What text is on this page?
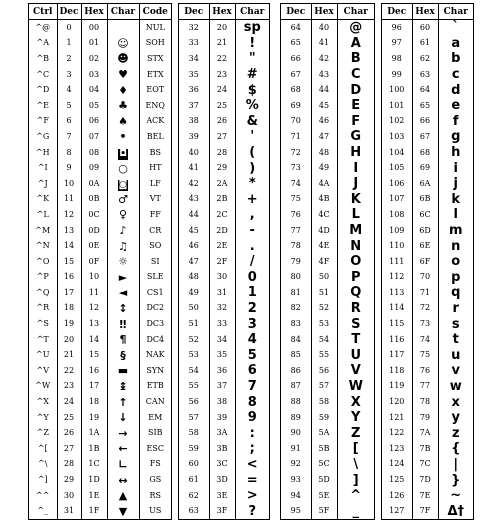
Ctrl	Dec	Hex	Char	Code
^@	0	00		NUL
^A	1	01	☺	SOH
^B	2	02	☻	STX
^C	3	03	♥	ETX
^D	4	04	♦	EOT
^E	5	05	♣	ENQ
^F	6	06	♠	ACK
^G	7	07	•	BEL
^H	8	08	◘	BS
^I	9	09	○	HT
^J	10	0A	◙	LF
^K	11	0B	♂	VT
^L	12	0C	♀	FF
^M	13	0D	♪	CR
^N	14	0E	♫	SO
^O	15	0F	☼	SI
^P	16	10	►	SLE
^Q	17	11	◄	CS1
^R	18	12	↕	DC2
^S	19	13	‼	DC3
^T	20	14	¶	DC4
^U	21	15	§	NAK
^V	22	16	▬	SYN
^W	23	17	↨	ETB
^X	24	18	↑	CAN
^Y	25	19	↓	EM
^Z	26	1A	→	SIB
^[	27	1B	←	ESC
^\	28	1C	∟	FS
^]	29	1D	↔	GS
^^	30	1E	▲	RS
^_	31	1F	▼	US
Dec	Hex	Char
32	20	sp
33	21	!
34	22	"
35	23	#
36	24	$
37	25	%
38	26	&
39	27	'
40	28	(
41	29	)
42	2A	*
43	2B	+
44	2C	,
45	2D	-
46	2E	.
47	2F	/
48	30	0
49	31	1
50	32	2
51	33	3
52	34	4
53	35	5
54	36	6
55	37	7
56	38	8
57	39	9
58	3A	:
59	3B	;
60	3C	<
61	3D	=
62	3E	>
63	3F	?
Dec	Hex	Char
64	40	@
65	41	A
66	42	B
67	43	C
68	44	D
69	45	E
70	46	F
71	47	G
72	48	H
73	49	I
74	4A	J
75	4B	K
76	4C	L
77	4D	M
78	4E	N
79	4F	O
80	50	P
81	51	Q
82	52	R
83	53	S
84	54	T
85	55	U
86	56	V
87	57	W
88	58	X
89	59	Y
90	5A	Z
91	5B	[
92	5C	\
93	5D	]
94	5E	^
95	5F	_
Dec	Hex	Char
96	60	`
97	61	a
98	62	b
99	63	c
100	64	d
101	65	e
102	66	f
103	67	g
104	68	h
105	69	i
106	6A	j
107	6B	k
108	6C	l
109	6D	m
110	6E	n
111	6F	o
112	70	p
113	71	q
114	72	r
115	73	s
116	74	t
117	75	u
118	76	v
119	77	w
120	78	x
121	79	y
122	7A	z
123	7B	{
124	7C	|
125	7D	}
126	7E	~
127	7F	Δ†
